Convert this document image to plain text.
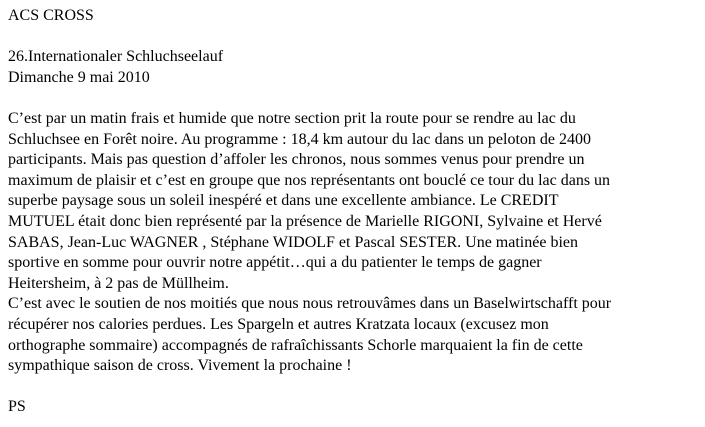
ACS CROSS
26.Internationaler Schluchseelauf
Dimanche 9 mai 2010
C’est par un matin frais et humide que notre section prit la route pour se rendre au lac du
Schluchsee en Forêt noire. Au programme : 18,4 km autour du lac dans un peloton de 2400
participants. Mais pas question d’affoler les chronos, nous sommes venus pour prendre un
maximum de plaisir et c’est en groupe que nos représentants ont bouclé ce tour du lac dans un
superbe paysage sous un soleil inespéré et dans une excellente ambiance. Le CREDIT
MUTUEL était donc bien représenté par la présence de Marielle RIGONI, Sylvaine et Hervé
SABAS, Jean-Luc WAGNER , Stéphane WIDOLF et Pascal SESTER. Une matinée bien
sportive en somme pour ouvrir notre appétit…qui a du patienter le temps de gagner
Heitersheim, à 2 pas de Müllheim.
C’est avec le soutien de nos moitiés que nous nous retrouvâmes dans un Baselwirtschafft pour
récupérer nos calories perdues. Les Spargeln et autres Kratzata locaux (excusez mon
orthographe sommaire) accompagnés de rafraîchissants Schorle marquaient la fin de cette
sympathique saison de cross. Vivement la prochaine !
PS
